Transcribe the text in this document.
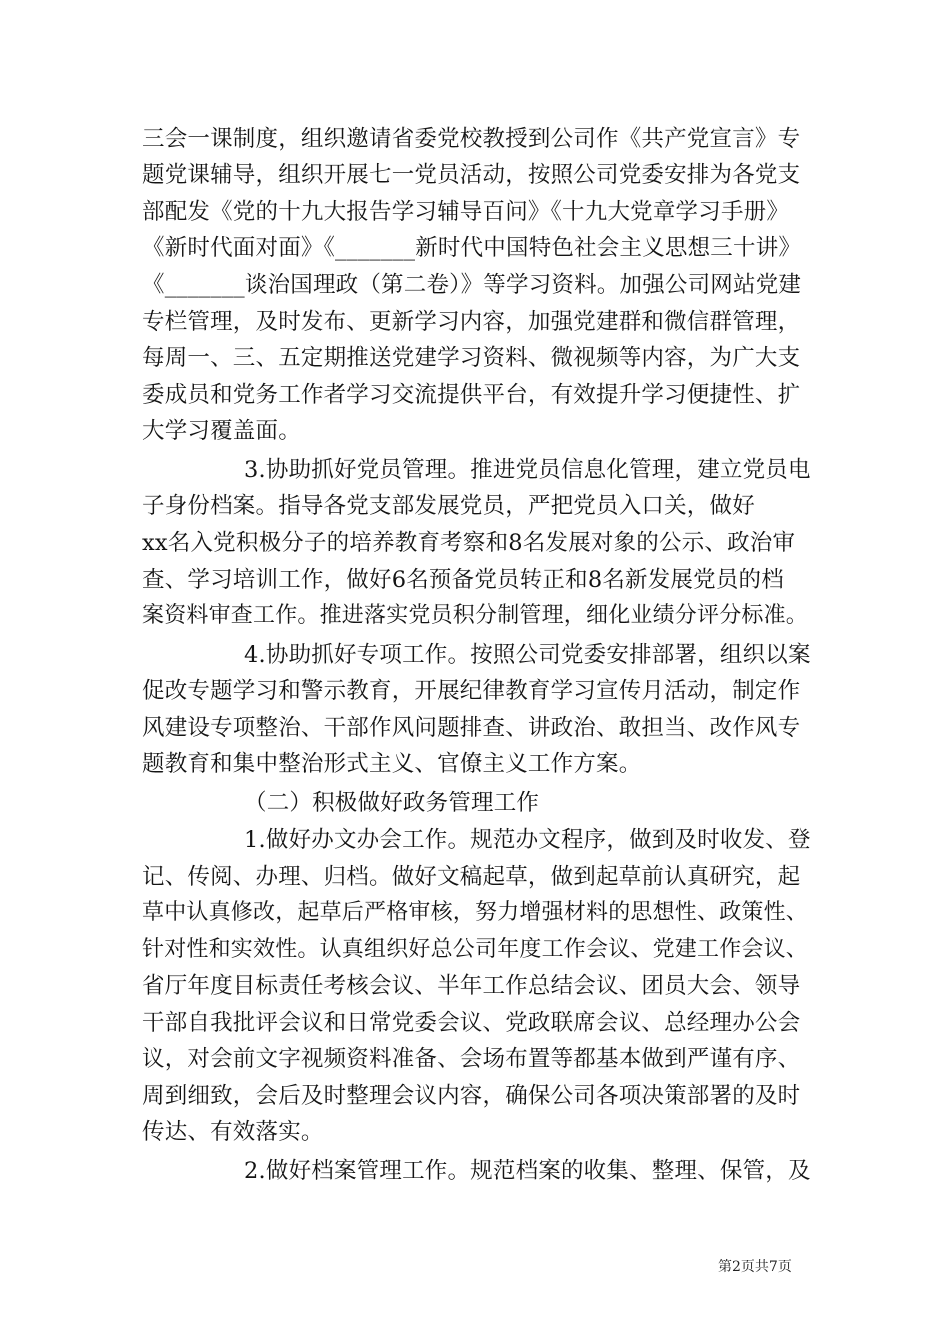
三会一课制度，组织邀请省委党校教授到公司作《共产党宣言》专
题党课辅导，组织开展七一党员活动，按照公司党委安排为各党支
部配发《党的十九大报告学习辅导百问》《十九大党章学习手册》
《新时代面对面》《_______新时代中国特色社会主义思想三十讲》
《_______谈治国理政（第二卷）》等学习资料。加强公司网站党建
专栏管理，及时发布、更新学习内容，加强党建群和微信群管理，
每周一、三、五定期推送党建学习资料、微视频等内容，为广大支
委成员和党务工作者学习交流提供平台，有效提升学习便捷性、扩
大学习覆盖面。
3.协助抓好党员管理。推进党员信息化管理，建立党员电
子身份档案。指导各党支部发展党员，严把党员入口关，做好
xx名入党积极分子的培养教育考察和8名发展对象的公示、政治审
查、学习培训工作，做好6名预备党员转正和8名新发展党员的档
案资料审查工作。推进落实党员积分制管理，细化业绩分评分标准。
4.协助抓好专项工作。按照公司党委安排部署，组织以案
促改专题学习和警示教育，开展纪律教育学习宣传月活动，制定作
风建设专项整治、干部作风问题排查、讲政治、敢担当、改作风专
题教育和集中整治形式主义、官僚主义工作方案。
（二）积极做好政务管理工作
1.做好办文办会工作。规范办文程序，做到及时收发、登
记、传阅、办理、归档。做好文稿起草，做到起草前认真研究，起
草中认真修改，起草后严格审核，努力增强材料的思想性、政策性、
针对性和实效性。认真组织好总公司年度工作会议、党建工作会议、
省厅年度目标责任考核会议、半年工作总结会议、团员大会、领导
干部自我批评会议和日常党委会议、党政联席会议、总经理办公会
议，对会前文字视频资料准备、会场布置等都基本做到严谨有序、
周到细致，会后及时整理会议内容，确保公司各项决策部署的及时
传达、有效落实。
2.做好档案管理工作。规范档案的收集、整理、保管，及
第2页共7页
